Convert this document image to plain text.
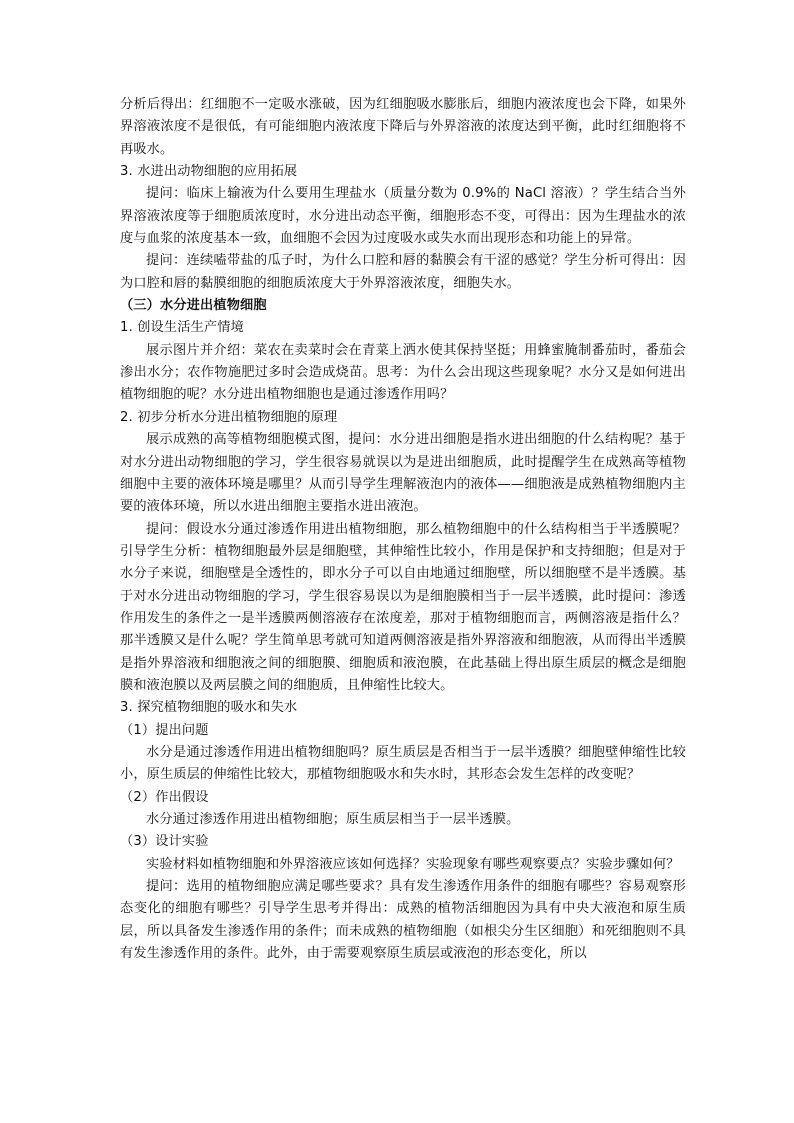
分析后得出：红细胞不一定吸水涨破，因为红细胞吸水膨胀后，细胞内液浓度也会下降，如果外界溶液浓度不是很低，有可能细胞内液浓度下降后与外界溶液的浓度达到平衡，此时红细胞将不再吸水。

3. 水进出动物细胞的应用拓展

提问：临床上输液为什么要用生理盐水（质量分数为 0.9%的 NaCl 溶液）？学生结合当外界溶液浓度等于细胞质浓度时，水分进出动态平衡，细胞形态不变，可得出：因为生理盐水的浓度与血浆的浓度基本一致，血细胞不会因为过度吸水或失水而出现形态和功能上的异常。

提问：连续嗑带盐的瓜子时，为什么口腔和唇的黏膜会有干涩的感觉？学生分析可得出：因为口腔和唇的黏膜细胞的细胞质浓度大于外界溶液浓度，细胞失水。

（三）水分进出植物细胞

1. 创设生活生产情境

展示图片并介绍：菜农在卖菜时会在青菜上洒水使其保持坚挺；用蜂蜜腌制番茄时，番茄会渗出水分；农作物施肥过多时会造成烧苗。思考：为什么会出现这些现象呢？水分又是如何进出植物细胞的呢？水分进出植物细胞也是通过渗透作用吗？

2. 初步分析水分进出植物细胞的原理

展示成熟的高等植物细胞模式图，提问：水分进出细胞是指水进出细胞的什么结构呢？基于对水分进出动物细胞的学习，学生很容易就误以为是进出细胞质，此时提醒学生在成熟高等植物细胞中主要的液体环境是哪里？从而引导学生理解液泡内的液体——细胞液是成熟植物细胞内主要的液体环境，所以水进出细胞主要指水进出液泡。

提问：假设水分通过渗透作用进出植物细胞，那么植物细胞中的什么结构相当于半透膜呢？引导学生分析：植物细胞最外层是细胞壁，其伸缩性比较小，作用是保护和支持细胞；但是对于水分子来说，细胞壁是全透性的，即水分子可以自由地通过细胞壁，所以细胞壁不是半透膜。基于对水分进出动物细胞的学习，学生很容易误以为是细胞膜相当于一层半透膜，此时提问：渗透作用发生的条件之一是半透膜两侧溶液存在浓度差，那对于植物细胞而言，两侧溶液是指什么？那半透膜又是什么呢？学生简单思考就可知道两侧溶液是指外界溶液和细胞液，从而得出半透膜是指外界溶液和细胞液之间的细胞膜、细胞质和液泡膜，在此基础上得出原生质层的概念是细胞膜和液泡膜以及两层膜之间的细胞质，且伸缩性比较大。

3. 探究植物细胞的吸水和失水

（1）提出问题

水分是通过渗透作用进出植物细胞吗？原生质层是否相当于一层半透膜？细胞壁伸缩性比较小，原生质层的伸缩性比较大，那植物细胞吸水和失水时，其形态会发生怎样的改变呢？

（2）作出假设

水分通过渗透作用进出植物细胞；原生质层相当于一层半透膜。

（3）设计实验

实验材料如植物细胞和外界溶液应该如何选择？实验现象有哪些观察要点？实验步骤如何？

提问：选用的植物细胞应满足哪些要求？具有发生渗透作用条件的细胞有哪些？容易观察形态变化的细胞有哪些？引导学生思考并得出：成熟的植物活细胞因为具有中央大液泡和原生质层，所以具备发生渗透作用的条件；而未成熟的植物细胞（如根尖分生区细胞）和死细胞则不具有发生渗透作用的条件。此外，由于需要观察原生质层或液泡的形态变化，所以
